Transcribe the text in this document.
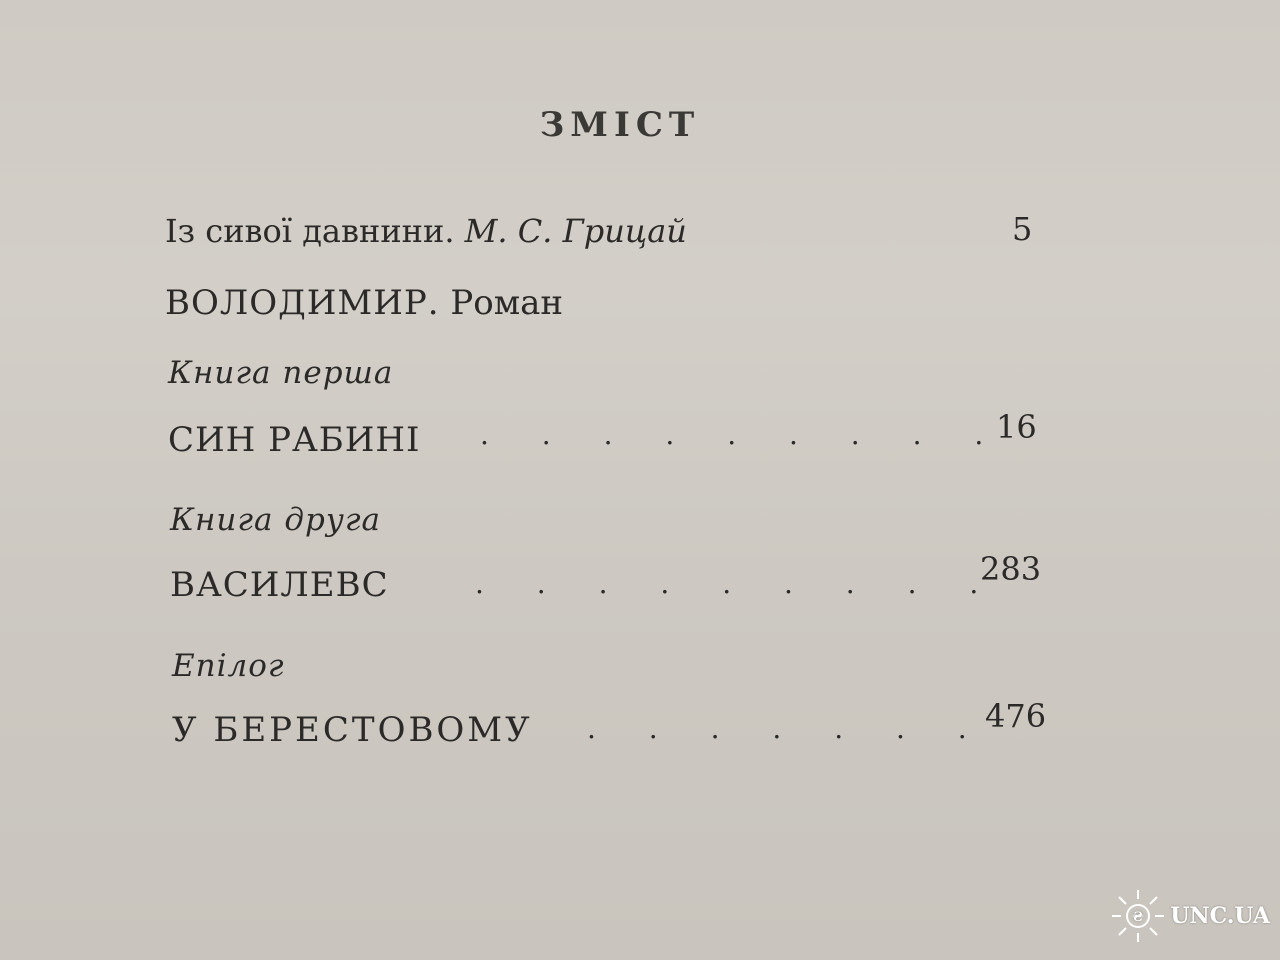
ЗМІСТ
Із сивої давнини. М. С. Грицай	5
ВОЛОДИМИР. Роман
Книга перша
СИН РАБИНІ . . . . . . . . .
16
Книга друга
ВАСИЛЕВС	. . . . . . . . .
283
Епілог
У БЕРЕСТОВОМУ . . . . . . .
476
₴ UNC.UA
